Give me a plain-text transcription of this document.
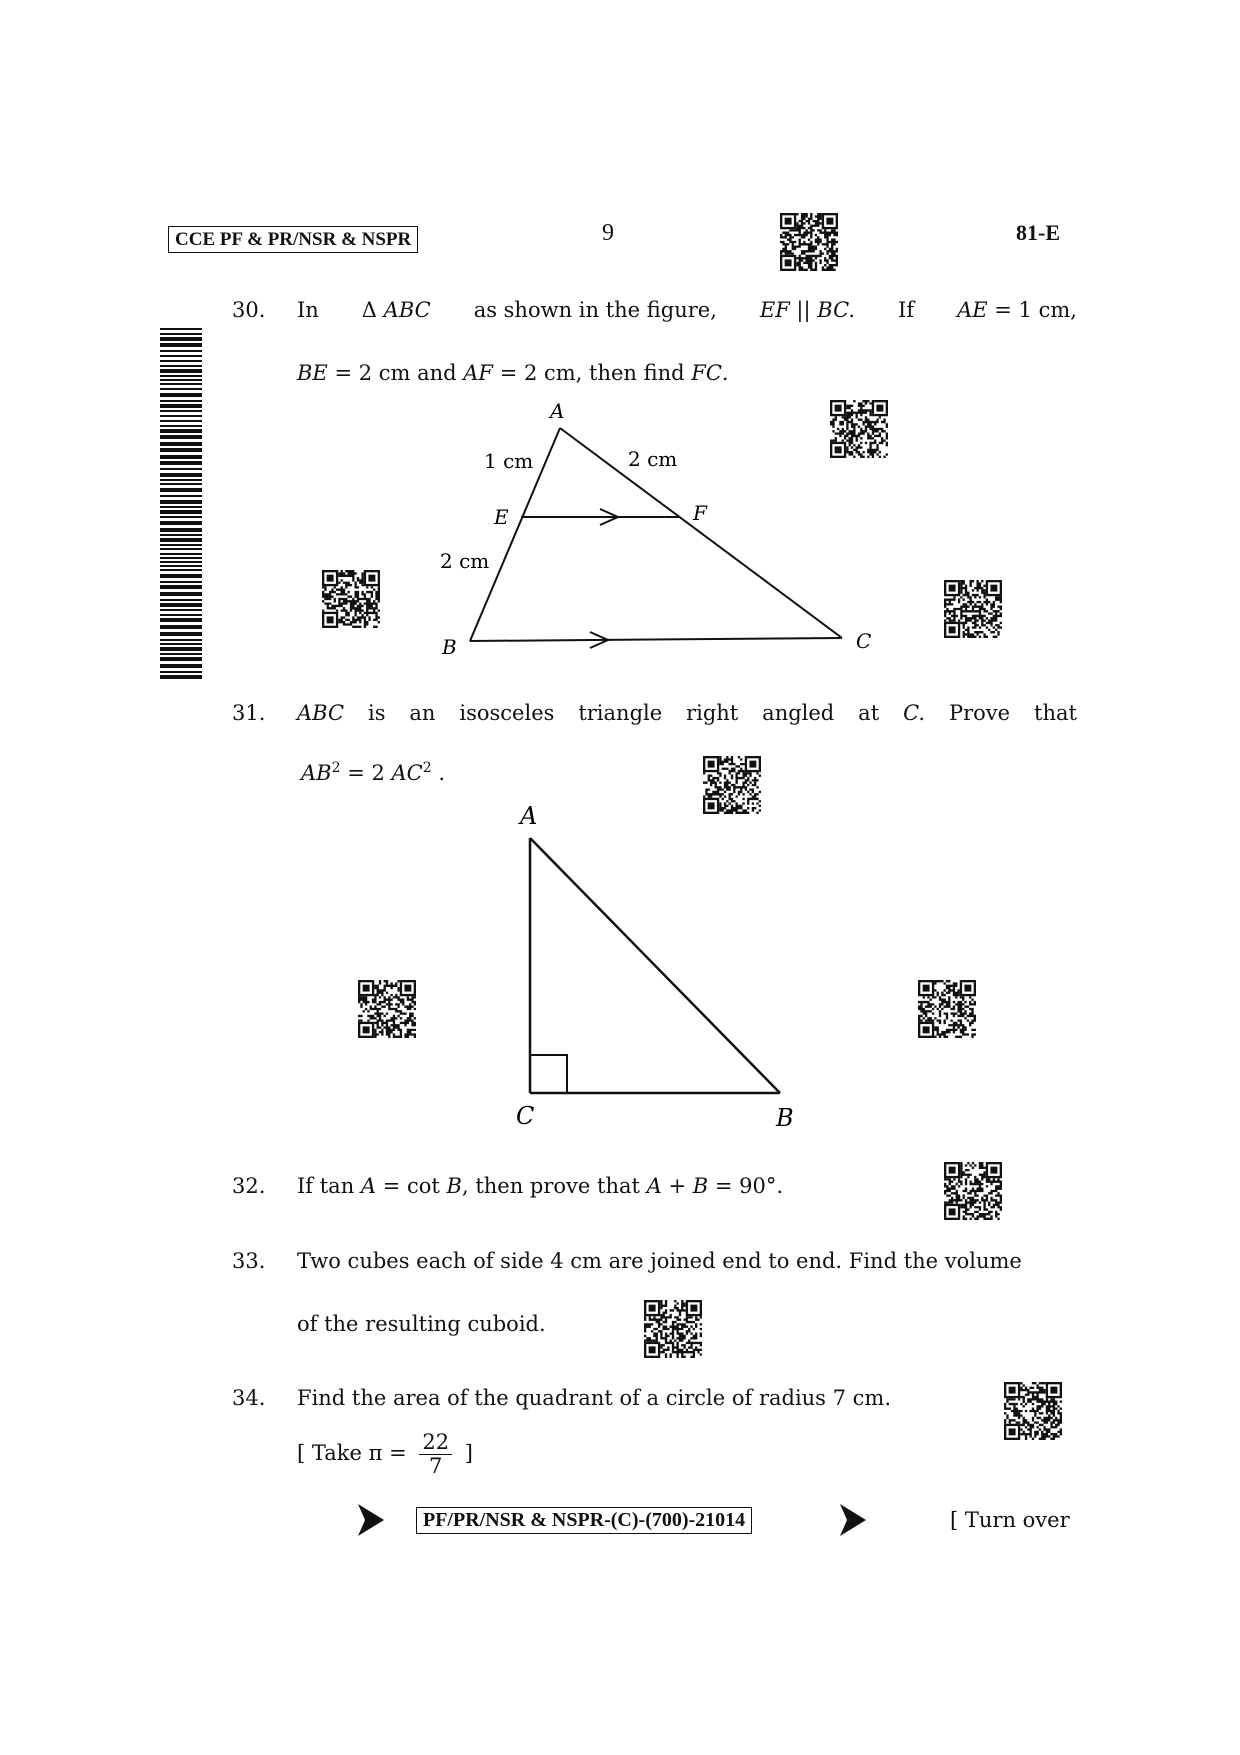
CCE PF & PR/NSR & NSPR	9	81-E
30. In Δ ABC as shown in the figure, EF || BC. If AE = 1 cm,
BE = 2 cm and AF = 2 cm, then find FC.
A
E	F
B	C
1 cm	2 cm
2 cm
31. ABC is an isosceles triangle right angled at C. Prove that
$AB^2 = 2$ $AC^2$ .
A
C	B
32. If tan A = cot B, then prove that A + B = 90°.
33. Two cubes each of side 4 cm are joined end to end. Find the volume
of the resulting cuboid.
34. Find the area of the quadrant of a circle of radius 7 cm.
[ Take $\pi = \frac{22}{7}$ ]
PF/PR/NSR & NSPR-(C)-(700)-21014	[ Turn over
